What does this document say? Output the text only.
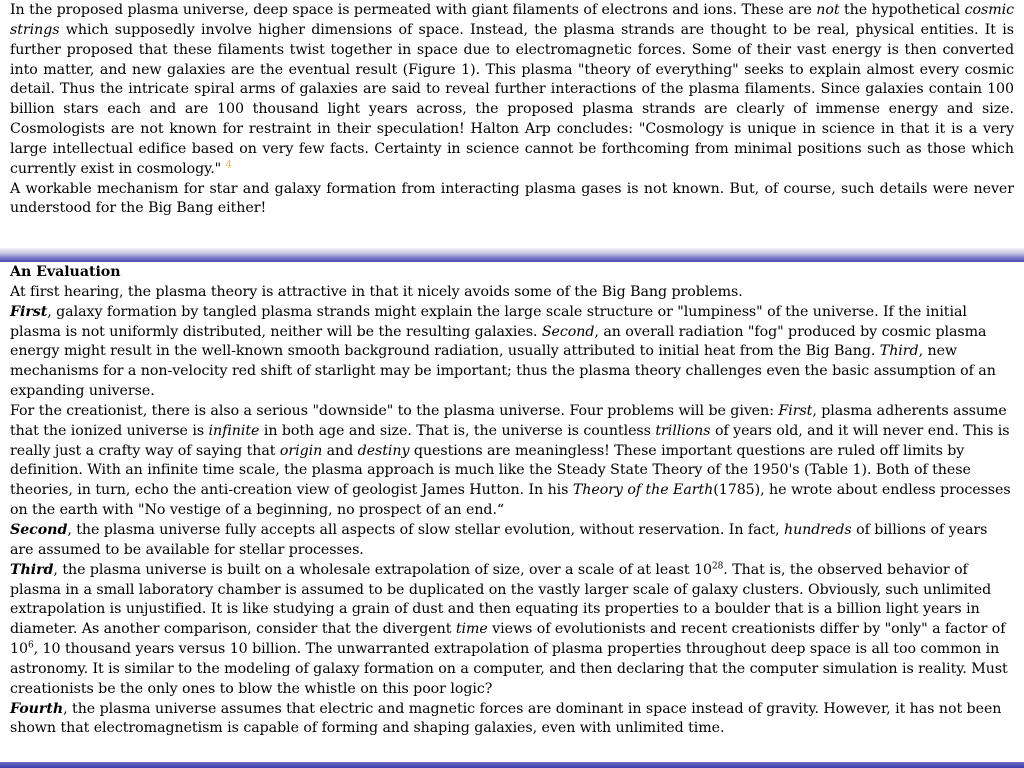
In the proposed plasma universe, deep space is permeated with giant filaments of electrons and ions. These are not the hypothetical cosmic strings which supposedly involve higher dimensions of space. Instead, the plasma strands are thought to be real, physical entities. It is further proposed that these filaments twist together in space due to electromagnetic forces. Some of their vast energy is then converted into matter, and new galaxies are the eventual result (Figure 1). This plasma "theory of everything" seeks to explain almost every cosmic detail. Thus the intricate spiral arms of galaxies are said to reveal further interactions of the plasma filaments. Since galaxies contain 100 billion stars each and are 100 thousand light years across, the proposed plasma strands are clearly of immense energy and size. Cosmologists are not known for restraint in their speculation! Halton Arp concludes: "Cosmology is unique in science in that it is a very large intellectual edifice based on very few facts. Certainty in science cannot be forthcoming from minimal positions such as those which currently exist in cosmology." $^4$

A workable mechanism for star and galaxy formation from interacting plasma gases is not known. But, of course, such details were never understood for the Big Bang either!

An Evaluation

At first hearing, the plasma theory is attractive in that it nicely avoids some of the Big Bang problems.

First, galaxy formation by tangled plasma strands might explain the large scale structure or "lumpiness" of the universe. If the initial plasma is not uniformly distributed, neither will be the resulting galaxies. Second, an overall radiation "fog" produced by cosmic plasma energy might result in the well-known smooth background radiation, usually attributed to initial heat from the Big Bang. Third, new mechanisms for a non-velocity red shift of starlight may be important; thus the plasma theory challenges even the basic assumption of an expanding universe.

For the creationist, there is also a serious "downside" to the plasma universe. Four problems will be given: First, plasma adherents assume that the ionized universe is infinite in both age and size. That is, the universe is countless trillions of years old, and it will never end. This is really just a crafty way of saying that origin and destiny questions are meaningless! These important questions are ruled off limits by definition. With an infinite time scale, the plasma approach is much like the Steady State Theory of the 1950's (Table 1). Both of these theories, in turn, echo the anti-creation view of geologist James Hutton. In his Theory of the Earth(1785), he wrote about endless processes on the earth with "No vestige of a beginning, no prospect of an end.“

Second, the plasma universe fully accepts all aspects of slow stellar evolution, without reservation. In fact, hundreds of billions of years are assumed to be available for stellar processes.

Third, the plasma universe is built on a wholesale extrapolation of size, over a scale of at least $10^{28}$. That is, the observed behavior of plasma in a small laboratory chamber is assumed to be duplicated on the vastly larger scale of galaxy clusters. Obviously, such unlimited extrapolation is unjustified. It is like studying a grain of dust and then equating its properties to a boulder that is a billion light years in diameter. As another comparison, consider that the divergent time views of evolutionists and recent creationists differ by "only" a factor of $10^6$, 10 thousand years versus 10 billion. The unwarranted extrapolation of plasma properties throughout deep space is all too common in astronomy. It is similar to the modeling of galaxy formation on a computer, and then declaring that the computer simulation is reality. Must creationists be the only ones to blow the whistle on this poor logic?

Fourth, the plasma universe assumes that electric and magnetic forces are dominant in space instead of gravity. However, it has not been shown that electromagnetism is capable of forming and shaping galaxies, even with unlimited time.
